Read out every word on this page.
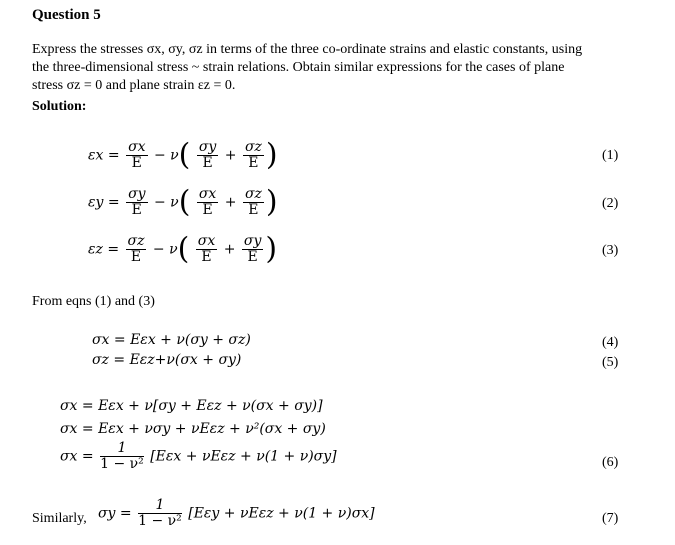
Question 5
Express the stresses σx, σy, σz in terms of the three co-ordinate strains and elastic constants, using
the three-dimensional stress ~ strain relations. Obtain similar expressions for the cases of plane
stress σz = 0 and plane strain εz = 0.
Solution:
$\varepsilon x = \frac{\sigma x}{E} - \nu( \frac{\sigma y}{E} + \frac{\sigma z}{E}$ )	(1)
$\varepsilon y = \frac{\sigma y}{E} - \nu( \frac{\sigma x}{E} + \frac{\sigma z}{E}$ )	(2)
$\varepsilon z = \frac{\sigma z}{E} - \nu( \frac{\sigma x}{E} + \frac{\sigma y}{E}$ )	(3)
From eqns (1) and (3)
σx = Eεx + ν(σy + σz)	(4)
σz = Eεz+ν(σx + σy)	(5)
σx = Eεx + ν[σy + Eεz + ν(σx + σy)]
σx = Eεx + νσy + νEεz + ν²(σx + σy)
$\sigma x = \frac{1}{\text{1 − ν²}} [E\varepsilon x + \nu E\varepsilon z + \nu(1 + \nu)\sigma y]$	(6)
Similarly, $\sigma y = \frac{1}{\text{1 − ν²}} [E\varepsilon y + \nu E\varepsilon z + \nu(1 + \nu)\sigma x]$	(7)
